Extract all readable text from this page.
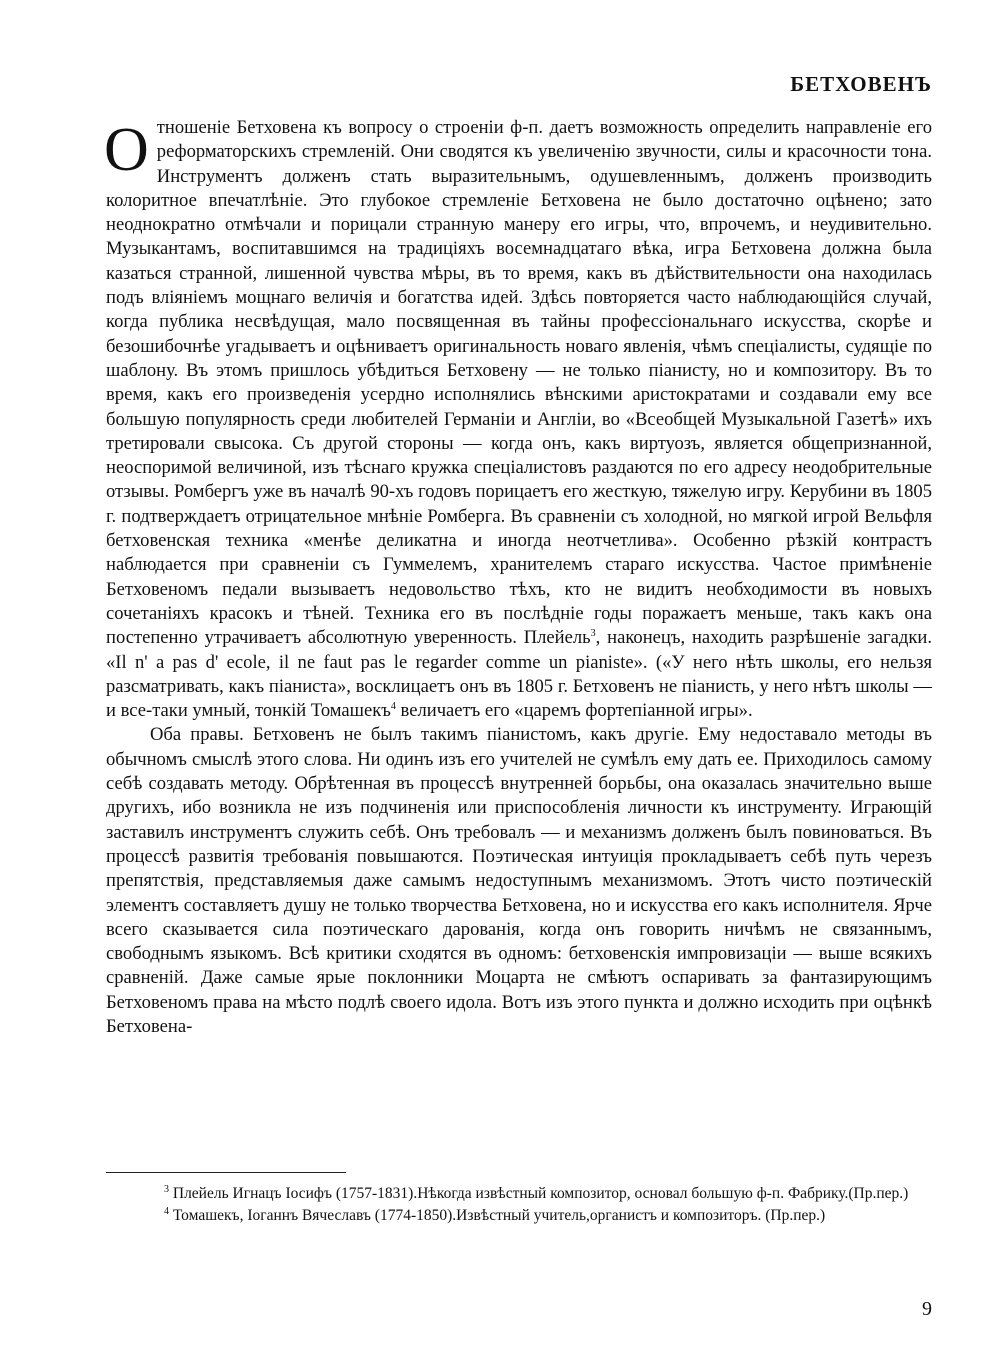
БЕТХОВЕНЪ

Отношеніе Бетховена къ вопросу о строеніи ф-п. даетъ возможность определить направленіе его реформаторскихъ стремленій. Они сводятся къ увеличенію звучности, силы и красочности тона. Инструментъ долженъ стать выразительнымъ, одушевленнымъ, долженъ производить колоритное впечатлѣніе. Это глубокое стремленіе Бетховена не было достаточно оцѣнено; зато неоднократно отмѣчали и порицали странную манеру его игры, что, впрочемъ, и неудивительно. Музыкантамъ, воспитавшимся на традиціяхъ восемнадцатаго вѣка, игра Бетховена должна была казаться странной, лишенной чувства мѣры, въ то время, какъ въ дѣйствительности она находилась подъ вліяніемъ мощнаго величія и богатства идей. Здѣсь повторяется часто наблюдающійся случай, когда публика несвѣдущая, мало посвященная въ тайны профессіональнаго искусства, скорѣе и безошибочнѣе угадываетъ и оцѣниваетъ оригинальность новаго явленія, чѣмъ спеціалисты, судящіе по шаблону. Въ этомъ пришлось убѣдиться Бетховену — не только піанисту, но и композитору. Въ то время, какъ его произведенія усердно исполнялись вѣнскими аристократами и создавали ему все большую популярность среди любителей Германіи и Англіи, во «Всеобщей Музыкальной Газетѣ» ихъ третировали свысока. Съ другой стороны — когда онъ, какъ виртуозъ, является общепризнанной, неоспоримой величиной, изъ тѣснаго кружка спеціалистовъ раздаются по его адресу неодобрительные отзывы. Ромбергъ уже въ началѣ 90-хъ годовъ порицаетъ его жесткую, тяжелую игру. Керубини въ 1805 г. подтверждаетъ отрицательное мнѣніе Ромберга. Въ сравненіи съ холодной, но мягкой игрой Вельфля бетховенская техника «менѣе деликатна и иногда неотчетлива». Особенно рѣзкій контрастъ наблюдается при сравненіи съ Гуммелемъ, хранителемъ стараго искусства. Частое примѣненіе Бетховеномъ педали вызываетъ недовольство тѣхъ, кто не видитъ необходимости въ новыхъ сочетаніяхъ красокъ и тѣней. Техника его въ послѣдніе годы поражаетъ меньше, такъ какъ она постепенно утрачиваетъ абсолютную уверенность. Плейель$^3$, наконецъ, находить разрѣшеніе загадки. «Il n' a pas d' ecole, il ne faut pas le regarder comme un pianiste». («У него нѣть школы, его нельзя разсматривать, какъ піаниста», восклицаетъ онъ въ 1805 г. Бетховенъ не піанисть, у него нѣтъ школы — и все-таки умный, тонкій Томашекъ$^4$ величаетъ его «царемъ фортепіанной игры».

Оба правы. Бетховенъ не былъ такимъ піанистомъ, какъ другіе. Ему недоставало методы въ обычномъ смыслѣ этого слова. Ни одинъ изъ его учителей не сумѣлъ ему дать ее. Приходилось самому себѣ создавать методу. Обрѣтенная въ процессѣ внутренней борьбы, она оказалась значительно выше другихъ, ибо возникла не изъ подчиненія или приспособленія личности къ инструменту. Играющій заставилъ инструментъ служить себѣ. Онъ требовалъ — и механизмъ долженъ былъ повиноваться. Въ процессѣ развитія требованія повышаются. Поэтическая интуиція прокладываетъ себѣ путь черезъ препятствія, представляемыя даже самымъ недоступнымъ механизмомъ. Этотъ чисто поэтическій элементъ составляетъ душу не только творчества Бетховена, но и искусства его какъ исполнителя. Ярче всего сказывается сила поэтическаго дарованія, когда онъ говорить ничѣмъ не связаннымъ, свободнымъ языкомъ. Всѣ критики сходятся въ одномъ: бетховенскія импровизаціи — выше всякихъ сравненій. Даже самые ярые поклонники Моцарта не смѣютъ оспаривать за фантазирующимъ Бетховеномъ права на мѣсто подлѣ своего идола. Вотъ изъ этого пункта и должно исходить при оцѣнкѣ Бетховена-

$^3$ Плейель Игнацъ Іосифъ (1757-1831).Нѣкогда извѣстный композитор, основал большую ф-п. Фабрику.(Пр.пер.)

$^4$ Томашекъ, Іоганнъ Вячеславъ (1774-1850).Извѣстный учитель,органистъ и композиторъ. (Пр.пер.)

9
